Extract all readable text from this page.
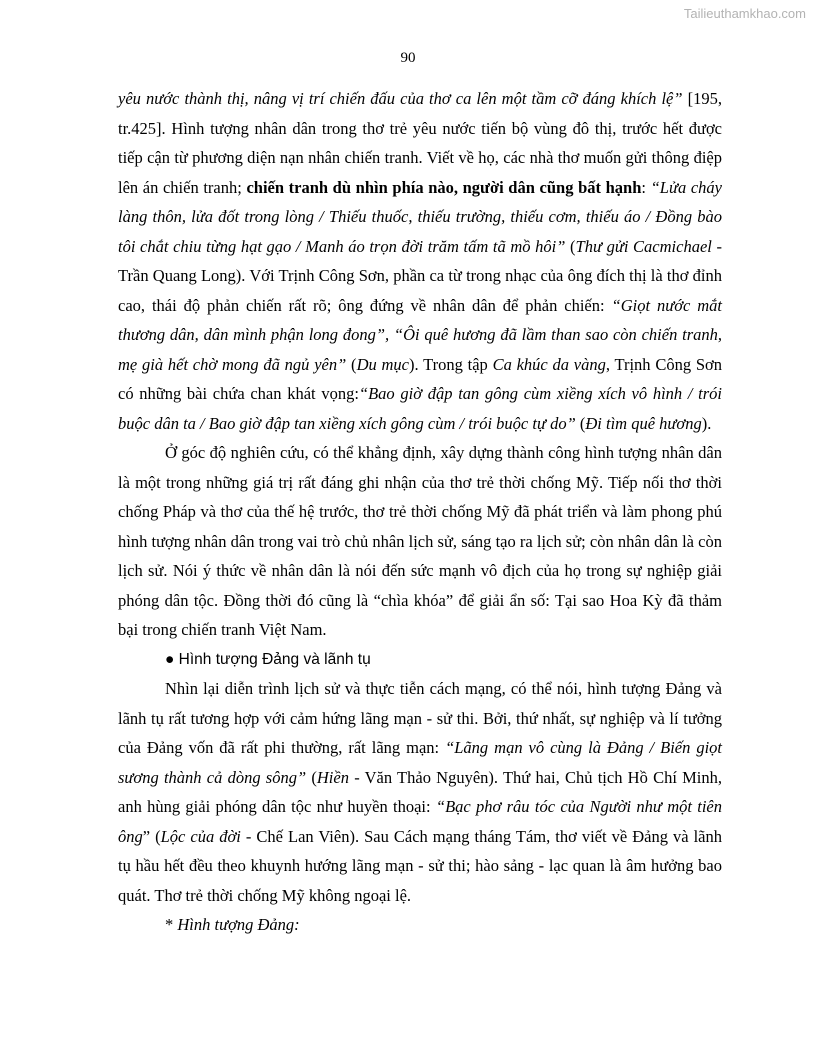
Tailieuthamkhao.com
90

yêu nước thành thị, nâng vị trí chiến đấu của thơ ca lên một tầm cỡ đáng khích lệ” [195, tr.425]. Hình tượng nhân dân trong thơ trẻ yêu nước tiến bộ vùng đô thị, trước hết được tiếp cận từ phương diện nạn nhân chiến tranh. Viết về họ, các nhà thơ muốn gửi thông điệp lên án chiến tranh; chiến tranh dù nhìn phía nào, người dân cũng bất hạnh: “Lửa cháy làng thôn, lửa đốt trong lòng / Thiếu thuốc, thiếu trường, thiếu cơm, thiếu áo / Đồng bào tôi chắt chiu từng hạt gạo / Manh áo trọn đời trăm tấm tã mồ hôi” (Thư gửi Cacmichael - Trần Quang Long). Với Trịnh Công Sơn, phần ca từ trong nhạc của ông đích thị là thơ đỉnh cao, thái độ phản chiến rất rõ; ông đứng về nhân dân để phản chiến: “Giọt nước mắt thương dân, dân mình phận long đong”, “Ôi quê hương đã lầm than sao còn chiến tranh, mẹ già hết chờ mong đã ngủ yên” (Du mục). Trong tập Ca khúc da vàng, Trịnh Công Sơn có những bài chứa chan khát vọng:“Bao giờ đập tan gông cùm xiềng xích vô hình / trói buộc dân ta / Bao giờ đập tan xiềng xích gông cùm / trói buộc tự do” (Đi tìm quê hương).

Ở góc độ nghiên cứu, có thể khẳng định, xây dựng thành công hình tượng nhân dân là một trong những giá trị rất đáng ghi nhận của thơ trẻ thời chống Mỹ. Tiếp nối thơ thời chống Pháp và thơ của thế hệ trước, thơ trẻ thời chống Mỹ đã phát triển và làm phong phú hình tượng nhân dân trong vai trò chủ nhân lịch sử, sáng tạo ra lịch sử; còn nhân dân là còn lịch sử. Nói ý thức về nhân dân là nói đến sức mạnh vô địch của họ trong sự nghiệp giải phóng dân tộc. Đồng thời đó cũng là “chìa khóa” để giải ẩn số: Tại sao Hoa Kỳ đã thảm bại trong chiến tranh Việt Nam.

● Hình tượng Đảng và lãnh tụ

Nhìn lại diễn trình lịch sử và thực tiễn cách mạng, có thể nói, hình tượng Đảng và lãnh tụ rất tương hợp với cảm hứng lãng mạn - sử thi. Bởi, thứ nhất, sự nghiệp và lí tưởng của Đảng vốn đã rất phi thường, rất lãng mạn: “Lãng mạn vô cùng là Đảng / Biến giọt sương thành cả dòng sông” (Hiền - Văn Thảo Nguyên). Thứ hai, Chủ tịch Hồ Chí Minh, anh hùng giải phóng dân tộc như huyền thoại: “Bạc phơ râu tóc của Người như một tiên ông” (Lộc của đời - Chế Lan Viên). Sau Cách mạng tháng Tám, thơ viết về Đảng và lãnh tụ hầu hết đều theo khuynh hướng lãng mạn - sử thi; hào sảng - lạc quan là âm hưởng bao quát. Thơ trẻ thời chống Mỹ không ngoại lệ.

* Hình tượng Đảng:
